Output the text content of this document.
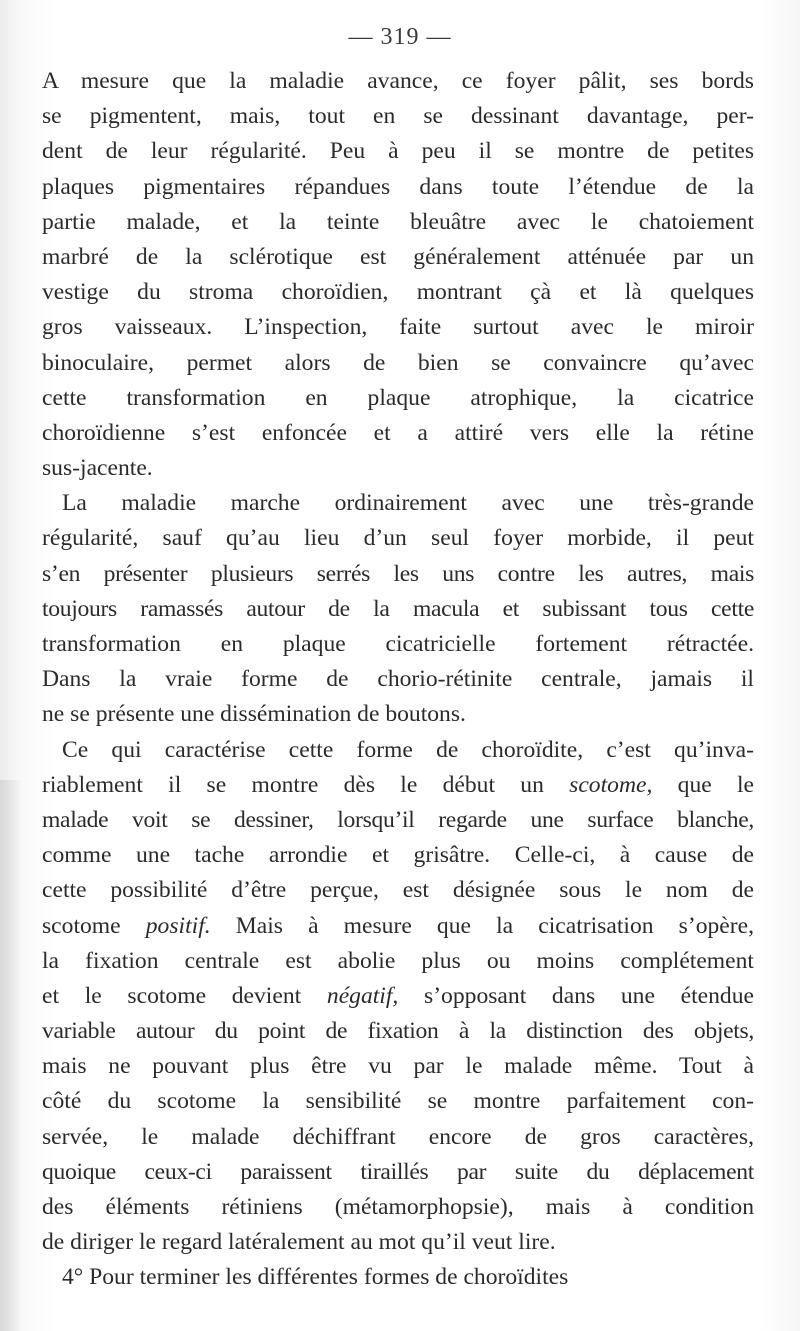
— 319 —
A mesure que la maladie avance, ce foyer pâlit, ses bords
se pigmentent, mais, tout en se dessinant davantage, per-
dent de leur régularité. Peu à peu il se montre de petites
plaques pigmentaires répandues dans toute l’étendue de la
partie malade, et la teinte bleuâtre avec le chatoiement
marbré de la sclérotique est généralement atténuée par un
vestige du stroma choroïdien, montrant çà et là quelques
gros vaisseaux. L’inspection, faite surtout avec le miroir
binoculaire, permet alors de bien se convaincre qu’avec
cette transformation en plaque atrophique, la cicatrice
choroïdienne s’est enfoncée et a attiré vers elle la rétine
sus-jacente.
La maladie marche ordinairement avec une très-grande
régularité, sauf qu’au lieu d’un seul foyer morbide, il peut
s’en présenter plusieurs serrés les uns contre les autres, mais
toujours ramassés autour de la macula et subissant tous cette
transformation en plaque cicatricielle fortement rétractée.
Dans la vraie forme de chorio-rétinite centrale, jamais il
ne se présente une dissémination de boutons.
Ce qui caractérise cette forme de choroïdite, c’est qu’inva-
riablement il se montre dès le début un scotome, que le
malade voit se dessiner, lorsqu’il regarde une surface blanche,
comme une tache arrondie et grisâtre. Celle-ci, à cause de
cette possibilité d’être perçue, est désignée sous le nom de
scotome positif. Mais à mesure que la cicatrisation s’opère,
la fixation centrale est abolie plus ou moins complétement
et le scotome devient négatif, s’opposant dans une étendue
variable autour du point de fixation à la distinction des objets,
mais ne pouvant plus être vu par le malade même. Tout à
côté du scotome la sensibilité se montre parfaitement con-
servée, le malade déchiffrant encore de gros caractères,
quoique ceux-ci paraissent tiraillés par suite du déplacement
des éléments rétiniens (métamorphopsie), mais à condition
de diriger le regard latéralement au mot qu’il veut lire.
4° Pour terminer les différentes formes de choroïdites
